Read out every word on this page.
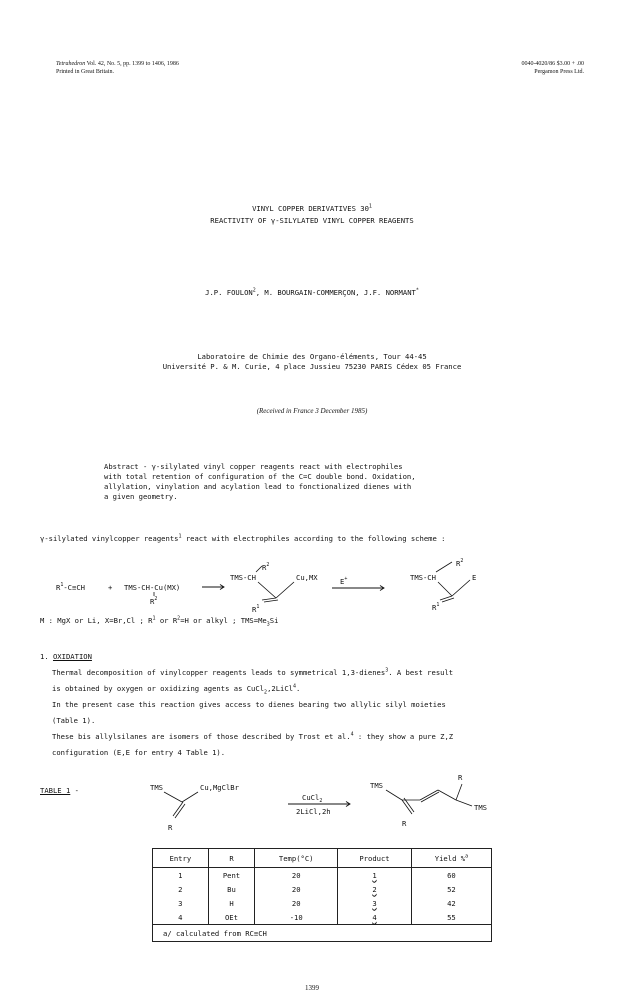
Tetrahedron Vol. 42, No. 5, pp. 1399 to 1406, 1986
Printed in Great Britain.
0040-4020/86 $3.00 + .00
Pergamon Press Ltd.
VINYL COPPER DERIVATIVES $30^1$
REACTIVITY OF γ-SILYLATED VINYL COPPER REAGENTS
J.P. FOULON$^2$, M. BOURGAIN-COMMERÇON, J.F. NORMANT*
Laboratoire de Chimie des Organo-éléments, Tour 44-45
Université P. & M. Curie, 4 place Jussieu 75230 PARIS Cédex 05 France
(Received in France 3 December 1985)
Abstract - γ-silylated vinyl copper reagents react with electrophiles
with total retention of configuration of the C=C double bond. Oxidation,
allylation, vinylation and acylation lead to fonctionalized dienes with
a given geometry.
γ-silylated vinylcopper reagents$^1$ react with electrophiles according to the following scheme :
$R^1-C\equiv CH$	+ TMS-CH-Cu(MX)
$R^2$
$R^2$
TMS-CH	Cu,MX
$R^1$
E+
$R^2$
TMS-CH	E
$R^1$
M : MgX or Li, X=Br,Cl ; $R^1$ or $R^2=H$ or alkyl ; $TMS=Me_3Si$
1. OXIDATION
Thermal decomposition of vinylcopper reagents leads to symmetrical 1,3-dienes$^3$. A best result
is obtained by oxygen or oxidizing agents as CuCl$_2$,2LiCl$^4$.
In the present case this reaction gives access to dienes bearing two allylic silyl moieties
(Table 1).
These bis allylsilanes are isomers of those described by Trost et al.$^4$ : they show a pure Z,Z
configuration (E,E for entry 4 Table 1).
TABLE 1 -	TMS	Cu,MgClBr
R
CuCl$_2$
2LiCl,2h
TMS
R
TMS
R
Entry	R	Temp(°C)	Product	Yield %$^a$
1	Pent	20	1	60
2	Bu	20	2	52
3	H	20	3	42
4	OEt	-10	4	55
a/ calculated from RC≡CH				
1399
